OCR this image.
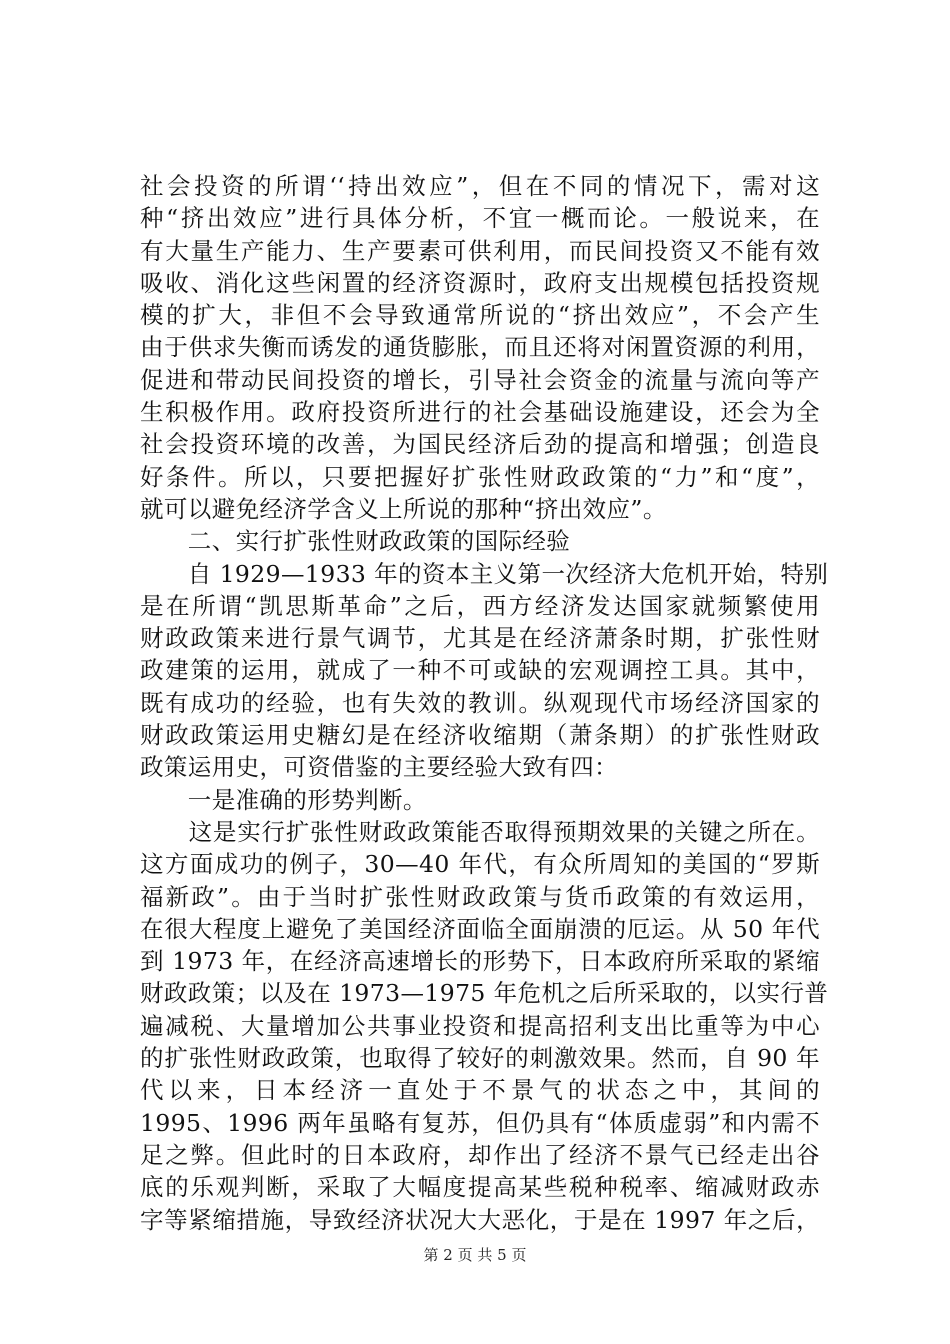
社会投资的所谓‘‘持出效应”，但在不同的情况下，需对这
种“挤出效应”进行具体分析，不宜一概而论。一般说来，在
有大量生产能力、生产要素可供利用，而民间投资又不能有效
吸收、消化这些闲置的经济资源时，政府支出规模包括投资规
模的扩大，非但不会导致通常所说的“挤出效应”，不会产生
由于供求失衡而诱发的通货膨胀，而且还将对闲置资源的利用，
促进和带动民间投资的增长，引导社会资金的流量与流向等产
生积极作用。政府投资所进行的社会基础设施建设，还会为全
社会投资环境的改善，为国民经济后劲的提高和增强；创造良
好条件。所以，只要把握好扩张性财政政策的“力”和“度”，
就可以避免经济学含义上所说的那种“挤出效应”。
　　二、实行扩张性财政政策的国际经验
　　自 1929—1933 年的资本主义第一次经济大危机开始，特别
是在所谓“凯思斯革命”之后，西方经济发达国家就频繁使用
财政政策来进行景气调节，尤其是在经济萧条时期，扩张性财
政建策的运用，就成了一种不可或缺的宏观调控工具。其中，
既有成功的经验，也有失效的教训。纵观现代市场经济国家的
财政政策运用史糖幻是在经济收缩期（萧条期）的扩张性财政
政策运用史，可资借鉴的主要经验大致有四：
　　一是准确的形势判断。
　　这是实行扩张性财政政策能否取得预期效果的关键之所在。
这方面成功的例子，30—40 年代，有众所周知的美国的“罗斯
福新政”。由于当时扩张性财政政策与货币政策的有效运用，
在很大程度上避免了美国经济面临全面崩溃的厄运。从 50 年代
到 1973 年，在经济高速增长的形势下，日本政府所采取的紧缩
财政政策；以及在 1973—1975 年危机之后所采取的，以实行普
遍减税、大量增加公共事业投资和提高招利支出比重等为中心
的扩张性财政政策，也取得了较好的刺激效果。然而，自 90 年
代以来，日本经济一直处于不景气的状态之中，其间的
1995、1996 两年虽略有复苏，但仍具有“体质虚弱”和内需不
足之弊。但此时的日本政府，却作出了经济不景气已经走出谷
底的乐观判断，采取了大幅度提高某些税种税率、缩减财政赤
字等紧缩措施，导致经济状况大大恶化，于是在 1997 年之后，
第 2 页 共 5 页
